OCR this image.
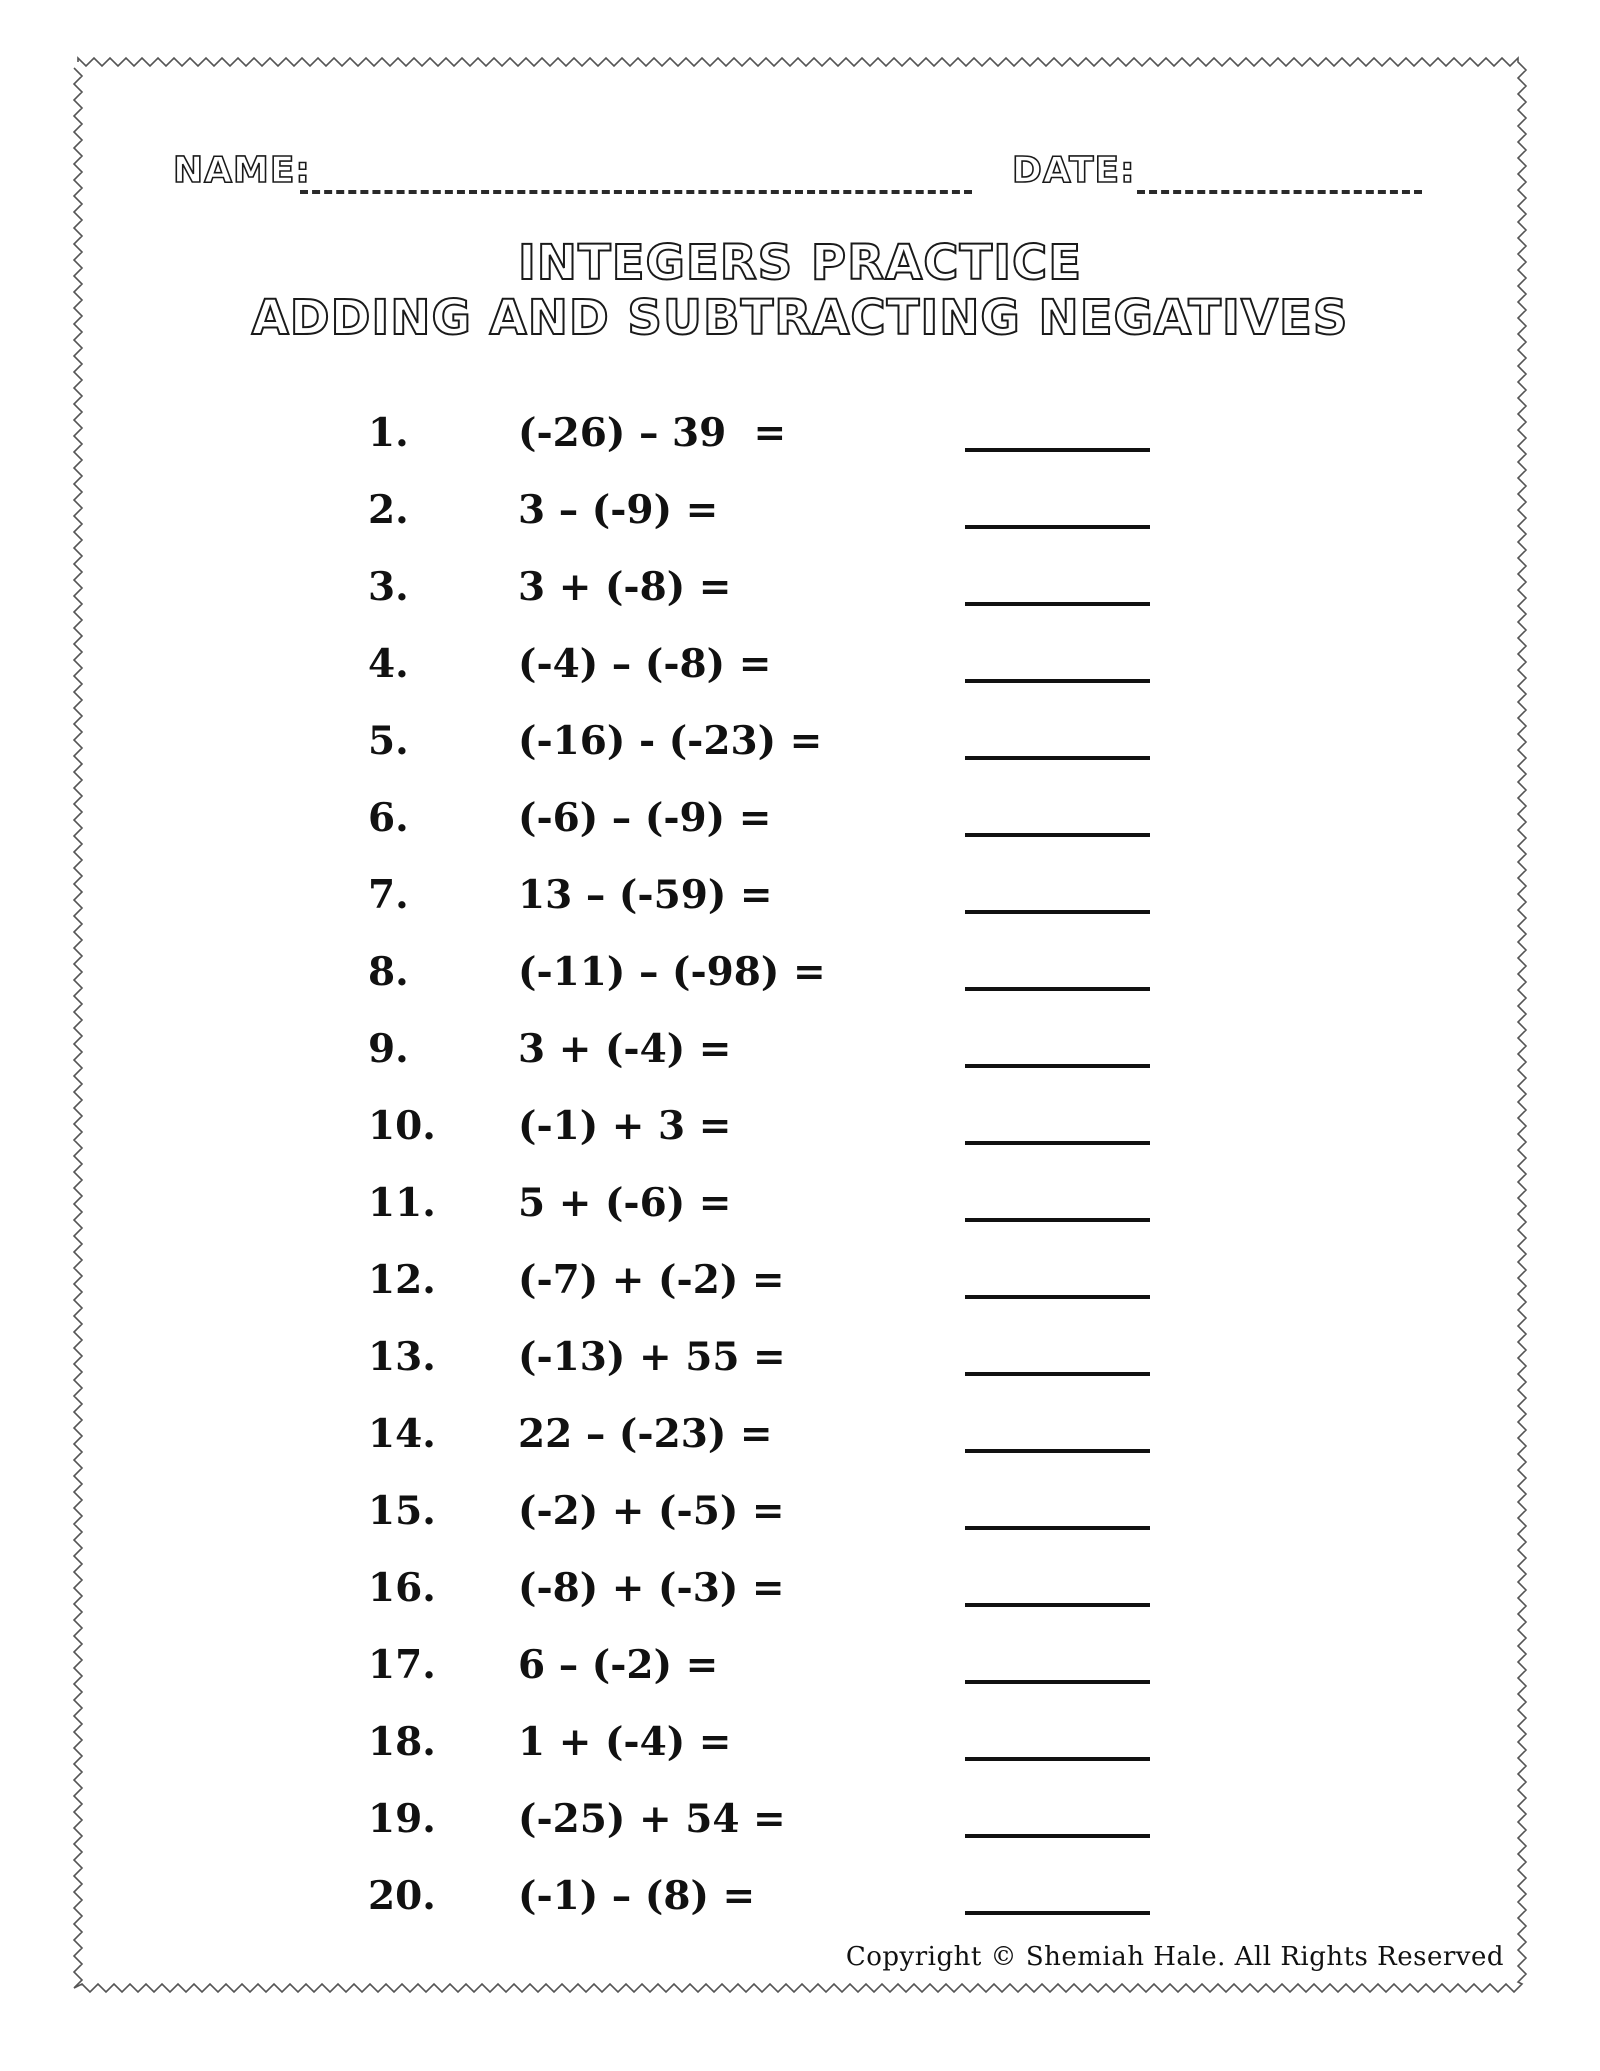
NAME:	DATE:
INTEGERS PRACTICE
ADDING AND SUBTRACTING NEGATIVES
1.	(-26) – 39  =
2.	3 – (-9) =
3.	3 + (-8) =
4.	(-4) – (-8) =
5.	(-16) - (-23) =
6.	(-6) – (-9) =
7.	13 – (-59) =
8.	(-11) – (-98) =
9.	3 + (-4) =
10. (-1) + 3 =
11. 5 + (-6) =
12. (-7) + (-2) =
13. (-13) + 55 =
14. 22 – (-23) =
15. (-2) + (-5) =
16. (-8) + (-3) =
17. 6 – (-2) =
18. 1 + (-4) =
19. (-25) + 54 =
20. (-1) – (8) =
Copyright © Shemiah Hale. All Rights Reserved
